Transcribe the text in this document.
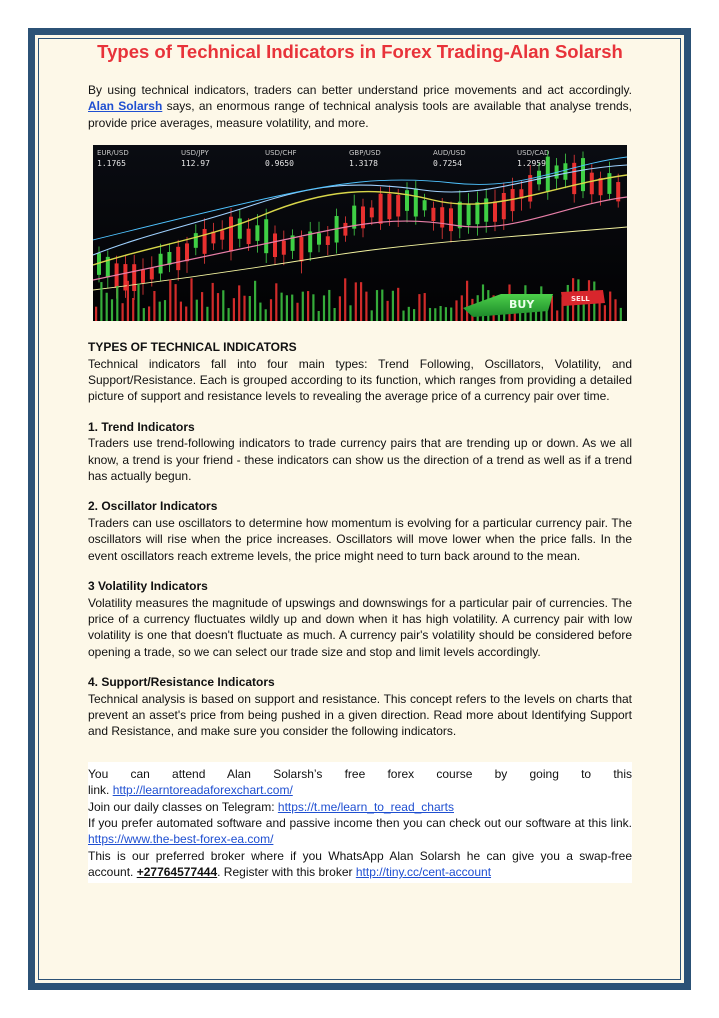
Types of Technical Indicators in Forex Trading-Alan Solarsh

By using technical indicators, traders can better understand price movements and act accordingly. Alan Solarsh says, an enormous range of technical analysis tools are available that analyse trends, provide price averages, measure volatility, and more.

EUR/USD
1.1765
USD/JPY
112.97
USD/CHF
0.9650
GBP/USD
1.3178
AUD/USD
0.7254
USD/CAD
1.2959
BUY	SELL

TYPES OF TECHNICAL INDICATORS

Technical indicators fall into four main types: Trend Following, Oscillators, Volatility, and Support/Resistance. Each is grouped according to its function, which ranges from providing a detailed picture of support and resistance levels to revealing the average price of a currency pair over time.

1. Trend Indicators

Traders use trend-following indicators to trade currency pairs that are trending up or down. As we all know, a trend is your friend - these indicators can show us the direction of a trend as well as if a trend has actually begun.

2. Oscillator Indicators

Traders can use oscillators to determine how momentum is evolving for a particular currency pair. The oscillators will rise when the price increases. Oscillators will move lower when the price falls. In the event oscillators reach extreme levels, the price might need to turn back around to the mean.

3 Volatility Indicators

Volatility measures the magnitude of upswings and downswings for a particular pair of currencies. The price of a currency fluctuates wildly up and down when it has high volatility. A currency pair with low volatility is one that doesn't fluctuate as much. A currency pair's volatility should be considered before opening a trade, so we can select our trade size and stop and limit levels accordingly.

4. Support/Resistance Indicators

Technical analysis is based on support and resistance. This concept refers to the levels on charts that prevent an asset's price from being pushed in a given direction. Read more about Identifying Support and Resistance, and make sure you consider the following indicators.

You can attend Alan Solarsh’s free forex course by going to this

link. http://learntoreadaforexchart.com/

Join our daily classes on Telegram: https://t.me/learn_to_read_charts

If you prefer automated software and passive income then you can check out our software at this link. https://www.the-best-forex-ea.com/

This is our preferred broker where if you WhatsApp Alan Solarsh he can give you a swap-free account. +27764577444. Register with this broker http://tiny.cc/cent-account
